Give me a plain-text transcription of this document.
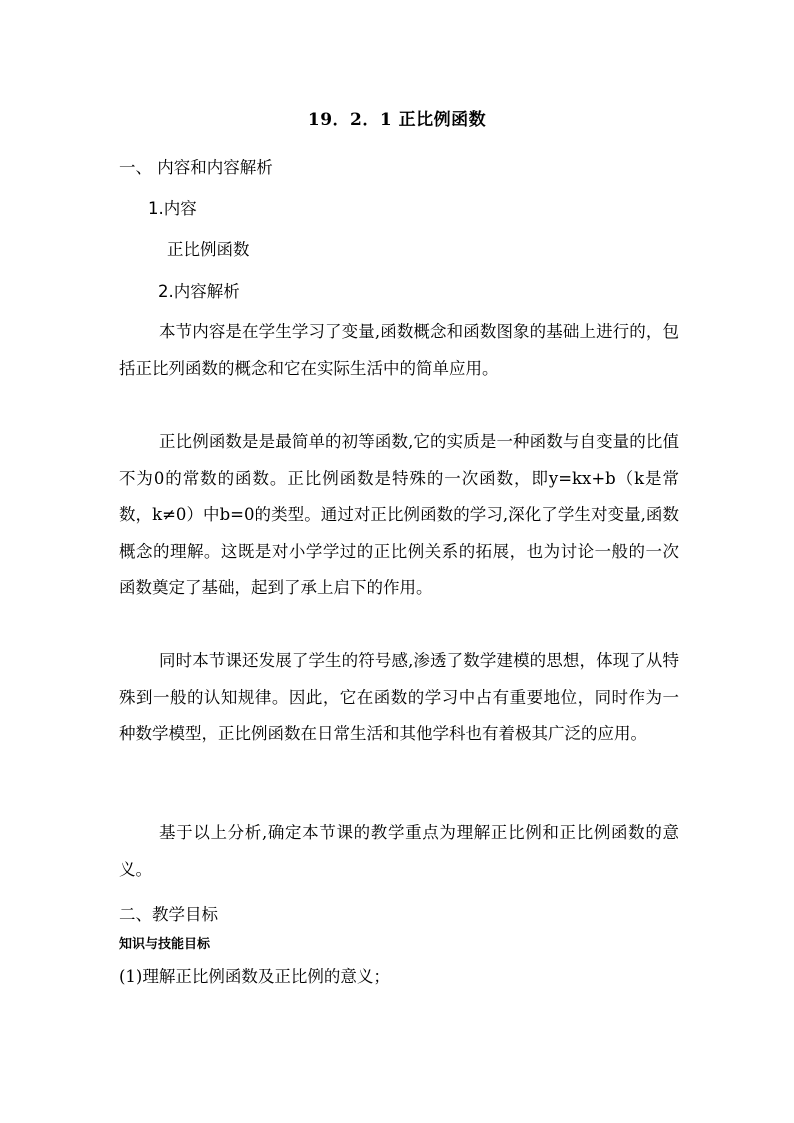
19．2．1 正比例函数
一、 内容和内容解析
1.内容
正比例函数
2.内容解析
本节内容是在学生学习了变量,函数概念和函数图象的基础上进行的，包括正比列函数的概念和它在实际生活中的简单应用。
正比例函数是是最简单的初等函数,它的实质是一种函数与自变量的比值不为0的常数的函数。正比例函数是特殊的一次函数，即y=kx+b（k是常数，k≠0）中b=0的类型。通过对正比例函数的学习,深化了学生对变量,函数概念的理解。这既是对小学学过的正比例关系的拓展，也为讨论一般的一次函数奠定了基础，起到了承上启下的作用。
同时本节课还发展了学生的符号感,渗透了数学建模的思想，体现了从特殊到一般的认知规律。因此，它在函数的学习中占有重要地位，同时作为一种数学模型，正比例函数在日常生活和其他学科也有着极其广泛的应用。
基于以上分析,确定本节课的教学重点为理解正比例和正比例函数的意义。
二、教学目标
知识与技能目标
(1)理解正比例函数及正比例的意义；
